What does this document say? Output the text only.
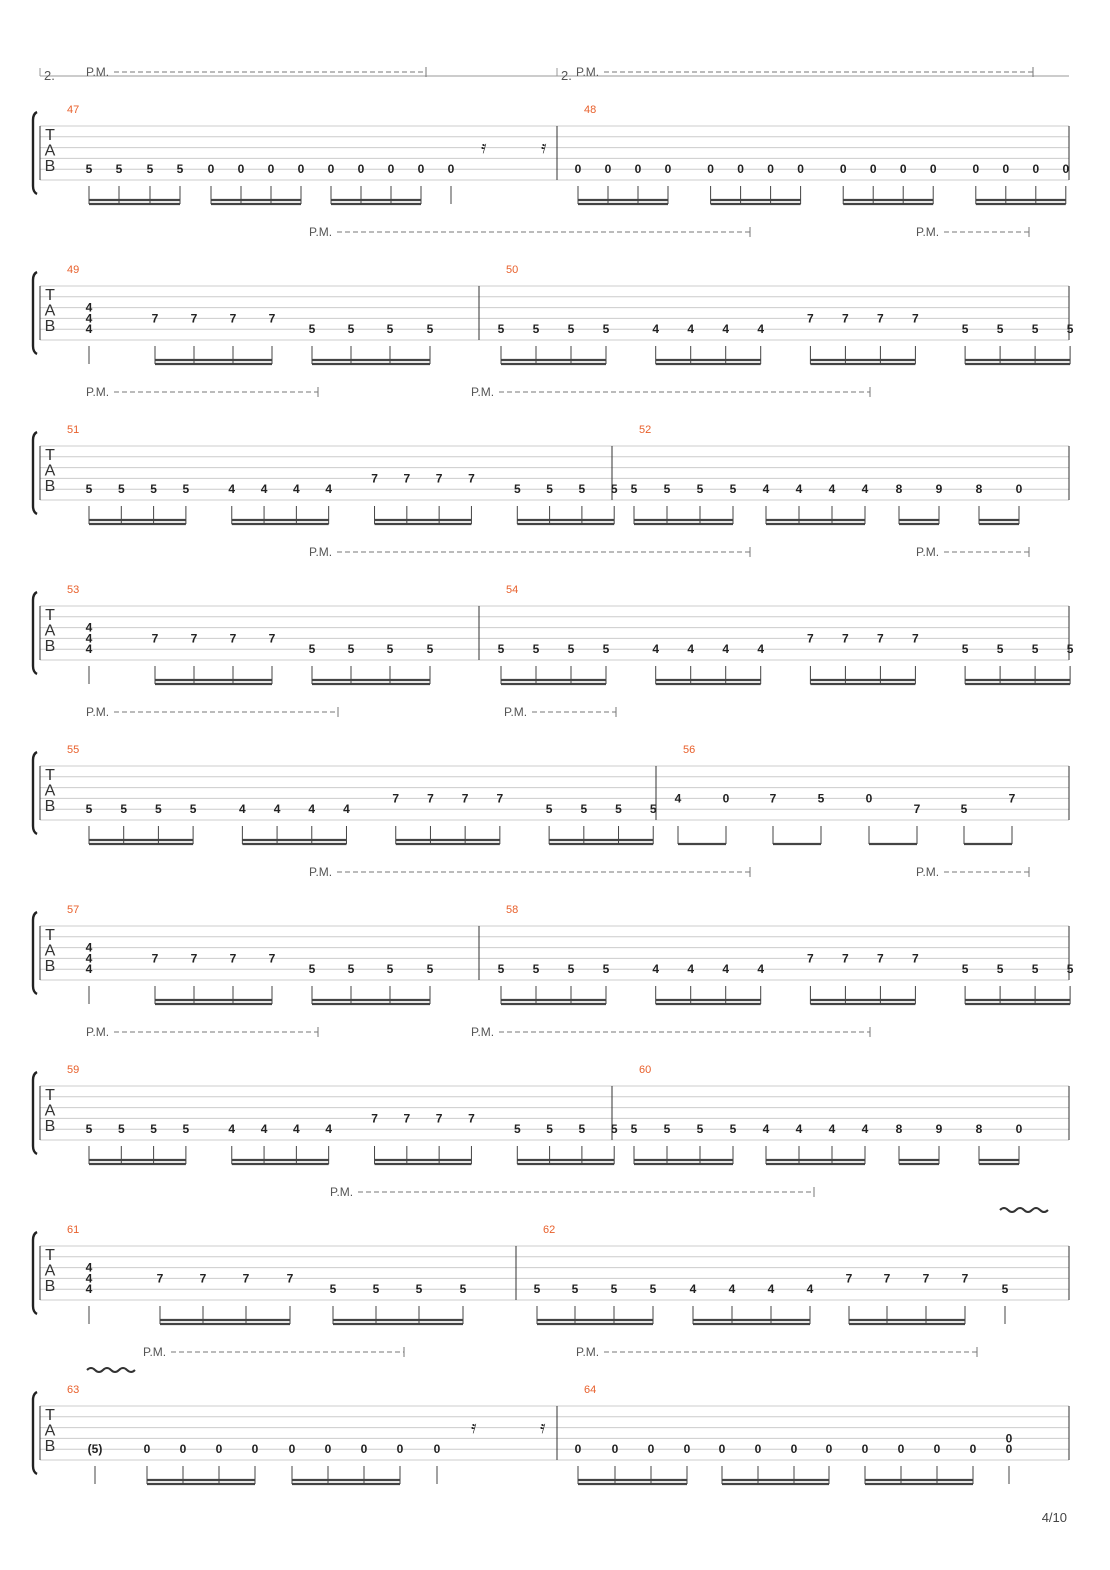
T
A
B
2.	2.
P.M.	P.M.
47
5 5 5 5 0 0 0 0 0 0 0 0 0
𝄿	𝄿
48
0 0 0 0	0 0 0 0	0 0 0 0	0 0 0 0
T
A
B
P.M.	P.M.
49
4
4
4
7	7	7	7
5	5	5	5
50
5 5 5 5	4 4 4 4
7 7 7 7
5 5 5 5
T
A
B
P.M.	P.M.
51
5 5 5 5	4 4 4 4
7 7 7 7
5 5 5 5
52
5 5 5 5 4 4 4 4 8	9	8	0
T
A
B
P.M.	P.M.
53
4
4
4
7	7	7	7
5	5	5	5
54
5 5 5 5	4 4 4 4
7 7 7 7
5 5 5 5
T
A
B
P.M.	P.M.
55
5 5 5 5	4 4 4 4
7 7 7 7
5 5 5 5
56
4	0	7	5	0
7	5
7
T
A
B
P.M.	P.M.
57
4
4
4
7	7	7	7
5	5	5	5
58
5 5 5 5	4 4 4 4
7 7 7 7
5 5 5 5
T
A
B
P.M.	P.M.
59
5 5 5 5	4 4 4 4
7 7 7 7
5 5 5 5
60
5 5 5 5 4 4 4 4 8	9	8	0
T
A
B
P.M.
61
4
4
4
7	7	7	7
5	5	5	5
62
5	5	5	5	4	4	4	4
7	7	7	7
5
T
A
B
P.M.	P.M.
63
(5)	0 0 0 0	0 0 0 0	0
𝄿	𝄿
64
0	0 0 0 0 0 0 0 0 0 0 0
0
0
4/10
